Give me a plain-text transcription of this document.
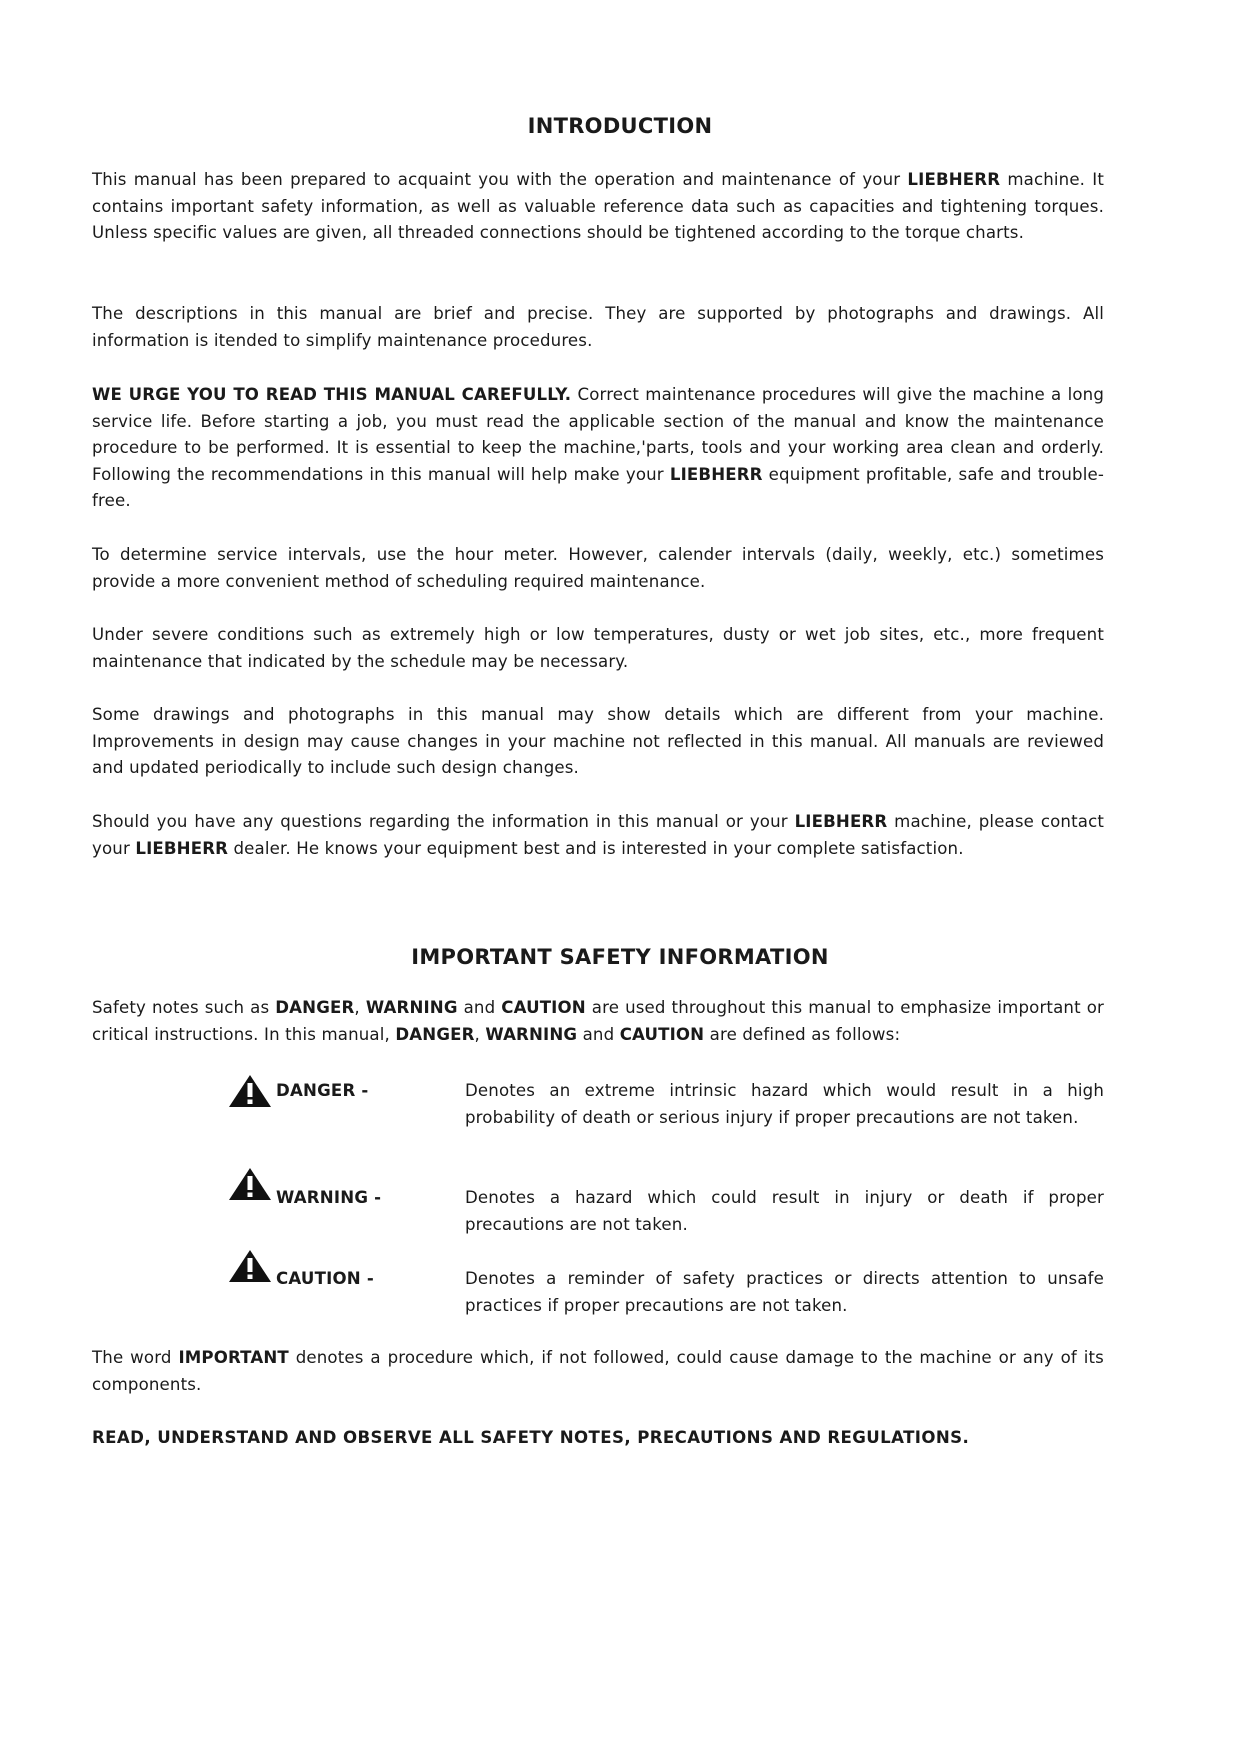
INTRODUCTION

This manual has been prepared to acquaint you with the operation and maintenance of your LIEBHERR machine. It contains important safety information, as well as valuable reference data such as capacities and tightening torques. Unless specific values are given, all threaded connections should be tightened according to the torque charts.

The descriptions in this manual are brief and precise. They are supported by photographs and drawings. All information is itended to simplify maintenance procedures.

WE URGE YOU TO READ THIS MANUAL CAREFULLY. Correct maintenance procedures will give the machine a long service life. Before starting a job, you must read the applicable section of the manual and know the maintenance procedure to be performed. It is essential to keep the machine,'parts, tools and your working area clean and orderly. Following the recommendations in this manual will help make your LIEBHERR equipment profitable, safe and trouble-free.

To determine service intervals, use the hour meter. However, calender intervals (daily, weekly, etc.) sometimes provide a more convenient method of scheduling required maintenance.

Under severe conditions such as extremely high or low temperatures, dusty or wet job sites, etc., more frequent maintenance that indicated by the schedule may be necessary.

Some drawings and photographs in this manual may show details which are different from your machine. Improvements in design may cause changes in your machine not reflected in this manual. All manuals are reviewed and updated periodically to include such design changes.

Should you have any questions regarding the information in this manual or your LIEBHERR machine, please contact your LIEBHERR dealer. He knows your equipment best and is interested in your complete satisfaction.

IMPORTANT SAFETY INFORMATION

Safety notes such as DANGER, WARNING and CAUTION are used throughout this manual to emphasize important or critical instructions. In this manual, DANGER, WARNING and CAUTION are defined as follows:

DANGER -	Denotes an extreme intrinsic hazard which would result in a high probability of death or serious injury if proper precautions are not taken.

WARNING -	Denotes a hazard which could result in injury or death if proper precautions are not taken.

CAUTION -	Denotes a reminder of safety practices or directs attention to unsafe practices if proper precautions are not taken.

The word IMPORTANT denotes a procedure which, if not followed, could cause damage to the machine or any of its components.

READ, UNDERSTAND AND OBSERVE ALL SAFETY NOTES, PRECAUTIONS AND REGULATIONS.
